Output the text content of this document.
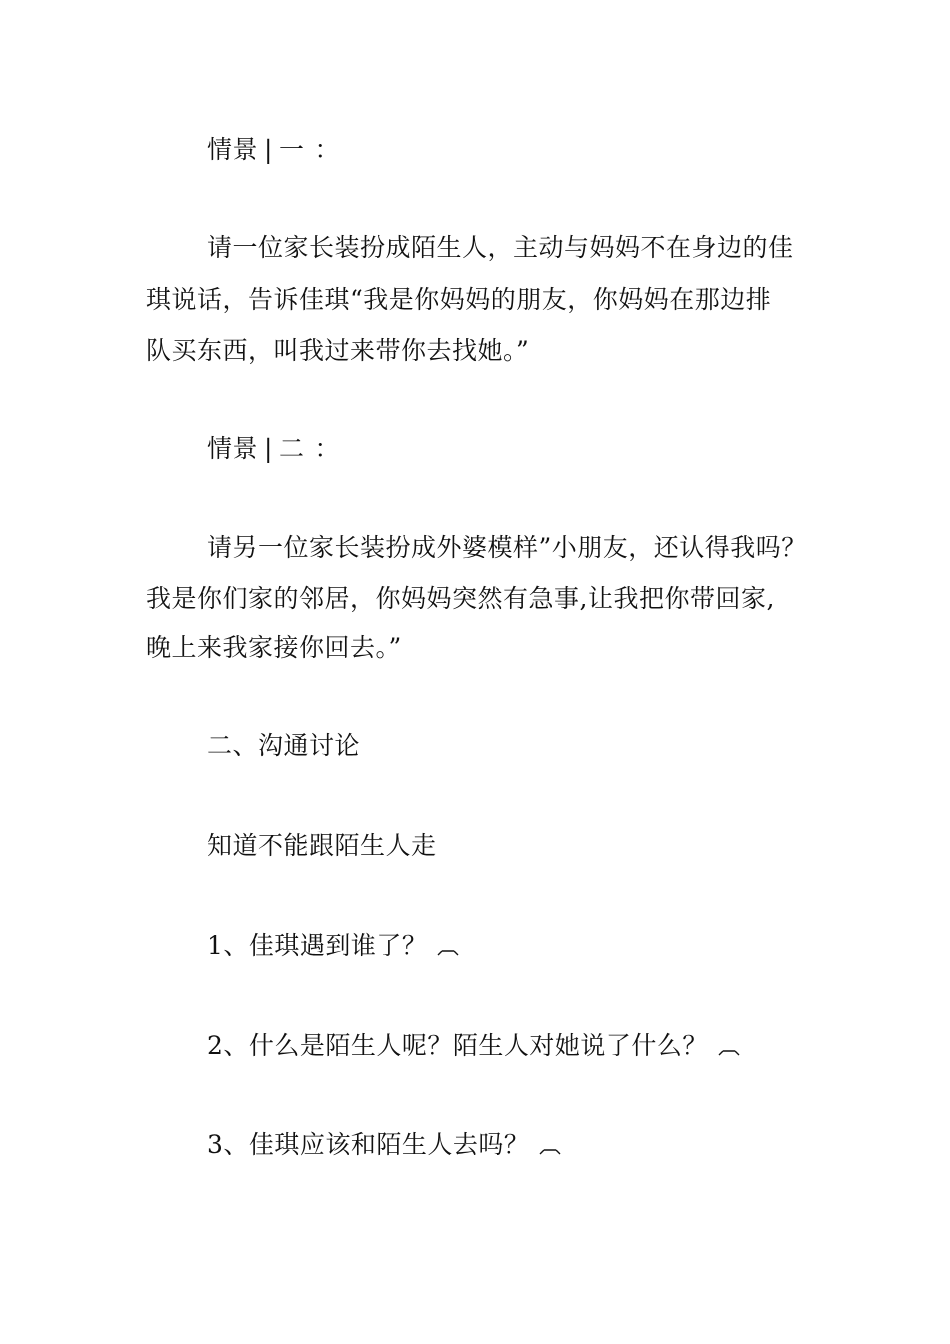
情景 | 一 ：
请一位家长装扮成陌生人，主动与妈妈不在身边的佳
琪说话，告诉佳琪“我是你妈妈的朋友，你妈妈在那边排
队买东西，叫我过来带你去找她。”
情景 | 二 ：
请另一位家长装扮成外婆模样”小朋友，还认得我吗？
我是你们家的邻居，你妈妈突然有急事,让我把你带回家,
晚上来我家接你回去。”
二、沟通讨论
知道不能跟陌生人走
1、佳琪遇到谁了？
2、什么是陌生人呢？陌生人对她说了什么？
3、佳琪应该和陌生人去吗？
